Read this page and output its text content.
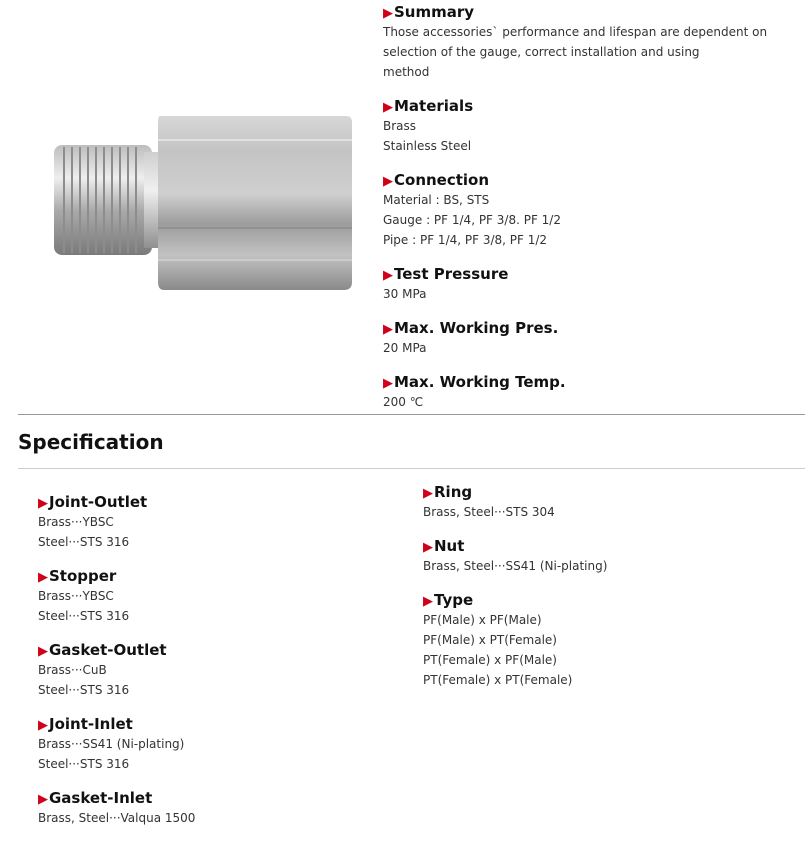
▶Summary
Those accessories` performance and lifespan are dependent on
selection of the gauge, correct installation and using
method
▶Materials
Brass
Stainless Steel
▶Connection
Material : BS, STS
Gauge : PF 1/4, PF 3/8. PF 1/2
Pipe : PF 1/4, PF 3/8, PF 1/2
▶Test Pressure
30 MPa
▶Max. Working Pres.
20 MPa
▶Max. Working Temp.
200 ℃
Specification
▶Joint-Outlet
Brass···YBSC
Steel···STS 316
▶Stopper
Brass···YBSC
Steel···STS 316
▶Gasket-Outlet
Brass···CuB
Steel···STS 316
▶Joint-Inlet
Brass···SS41 (Ni-plating)
Steel···STS 316
▶Gasket-Inlet
Brass, Steel···Valqua 1500
▶Ring
Brass, Steel···STS 304
▶Nut
Brass, Steel···SS41 (Ni-plating)
▶Type
PF(Male) x PF(Male)
PF(Male) x PT(Female)
PT(Female) x PF(Male)
PT(Female) x PT(Female)
